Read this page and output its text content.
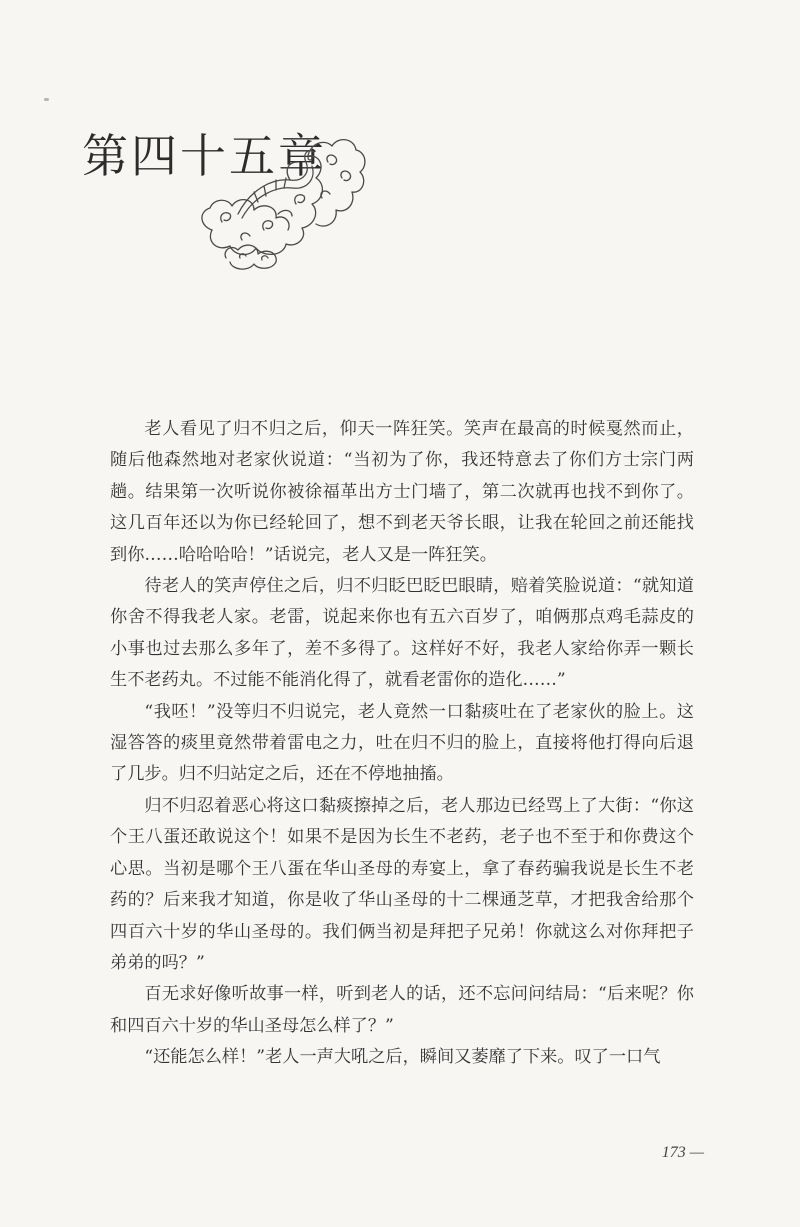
第四十五章

老人看见了归不归之后，仰天一阵狂笑。笑声在最高的时候戛然而止，随后他森然地对老家伙说道：“当初为了你，我还特意去了你们方士宗门两趟。结果第一次听说你被徐福革出方士门墙了，第二次就再也找不到你了。这几百年还以为你已经轮回了，想不到老天爷长眼，让我在轮回之前还能找到你……哈哈哈哈！”话说完，老人又是一阵狂笑。

待老人的笑声停住之后，归不归眨巴眨巴眼睛，赔着笑脸说道：“就知道你舍不得我老人家。老雷，说起来你也有五六百岁了，咱俩那点鸡毛蒜皮的小事也过去那么多年了，差不多得了。这样好不好，我老人家给你弄一颗长生不老药丸。不过能不能消化得了，就看老雷你的造化……”

“我呸！”没等归不归说完，老人竟然一口黏痰吐在了老家伙的脸上。这湿答答的痰里竟然带着雷电之力，吐在归不归的脸上，直接将他打得向后退了几步。归不归站定之后，还在不停地抽搐。

归不归忍着恶心将这口黏痰擦掉之后，老人那边已经骂上了大街：“你这个王八蛋还敢说这个！如果不是因为长生不老药，老子也不至于和你费这个心思。当初是哪个王八蛋在华山圣母的寿宴上，拿了春药骗我说是长生不老药的？后来我才知道，你是收了华山圣母的十二棵通芝草，才把我舍给那个四百六十岁的华山圣母的。我们俩当初是拜把子兄弟！你就这么对你拜把子弟弟的吗？”

百无求好像听故事一样，听到老人的话，还不忘问问结局：“后来呢？你和四百六十岁的华山圣母怎么样了？”

“还能怎么样！”老人一声大吼之后，瞬间又萎靡了下来。叹了一口气

173 —
